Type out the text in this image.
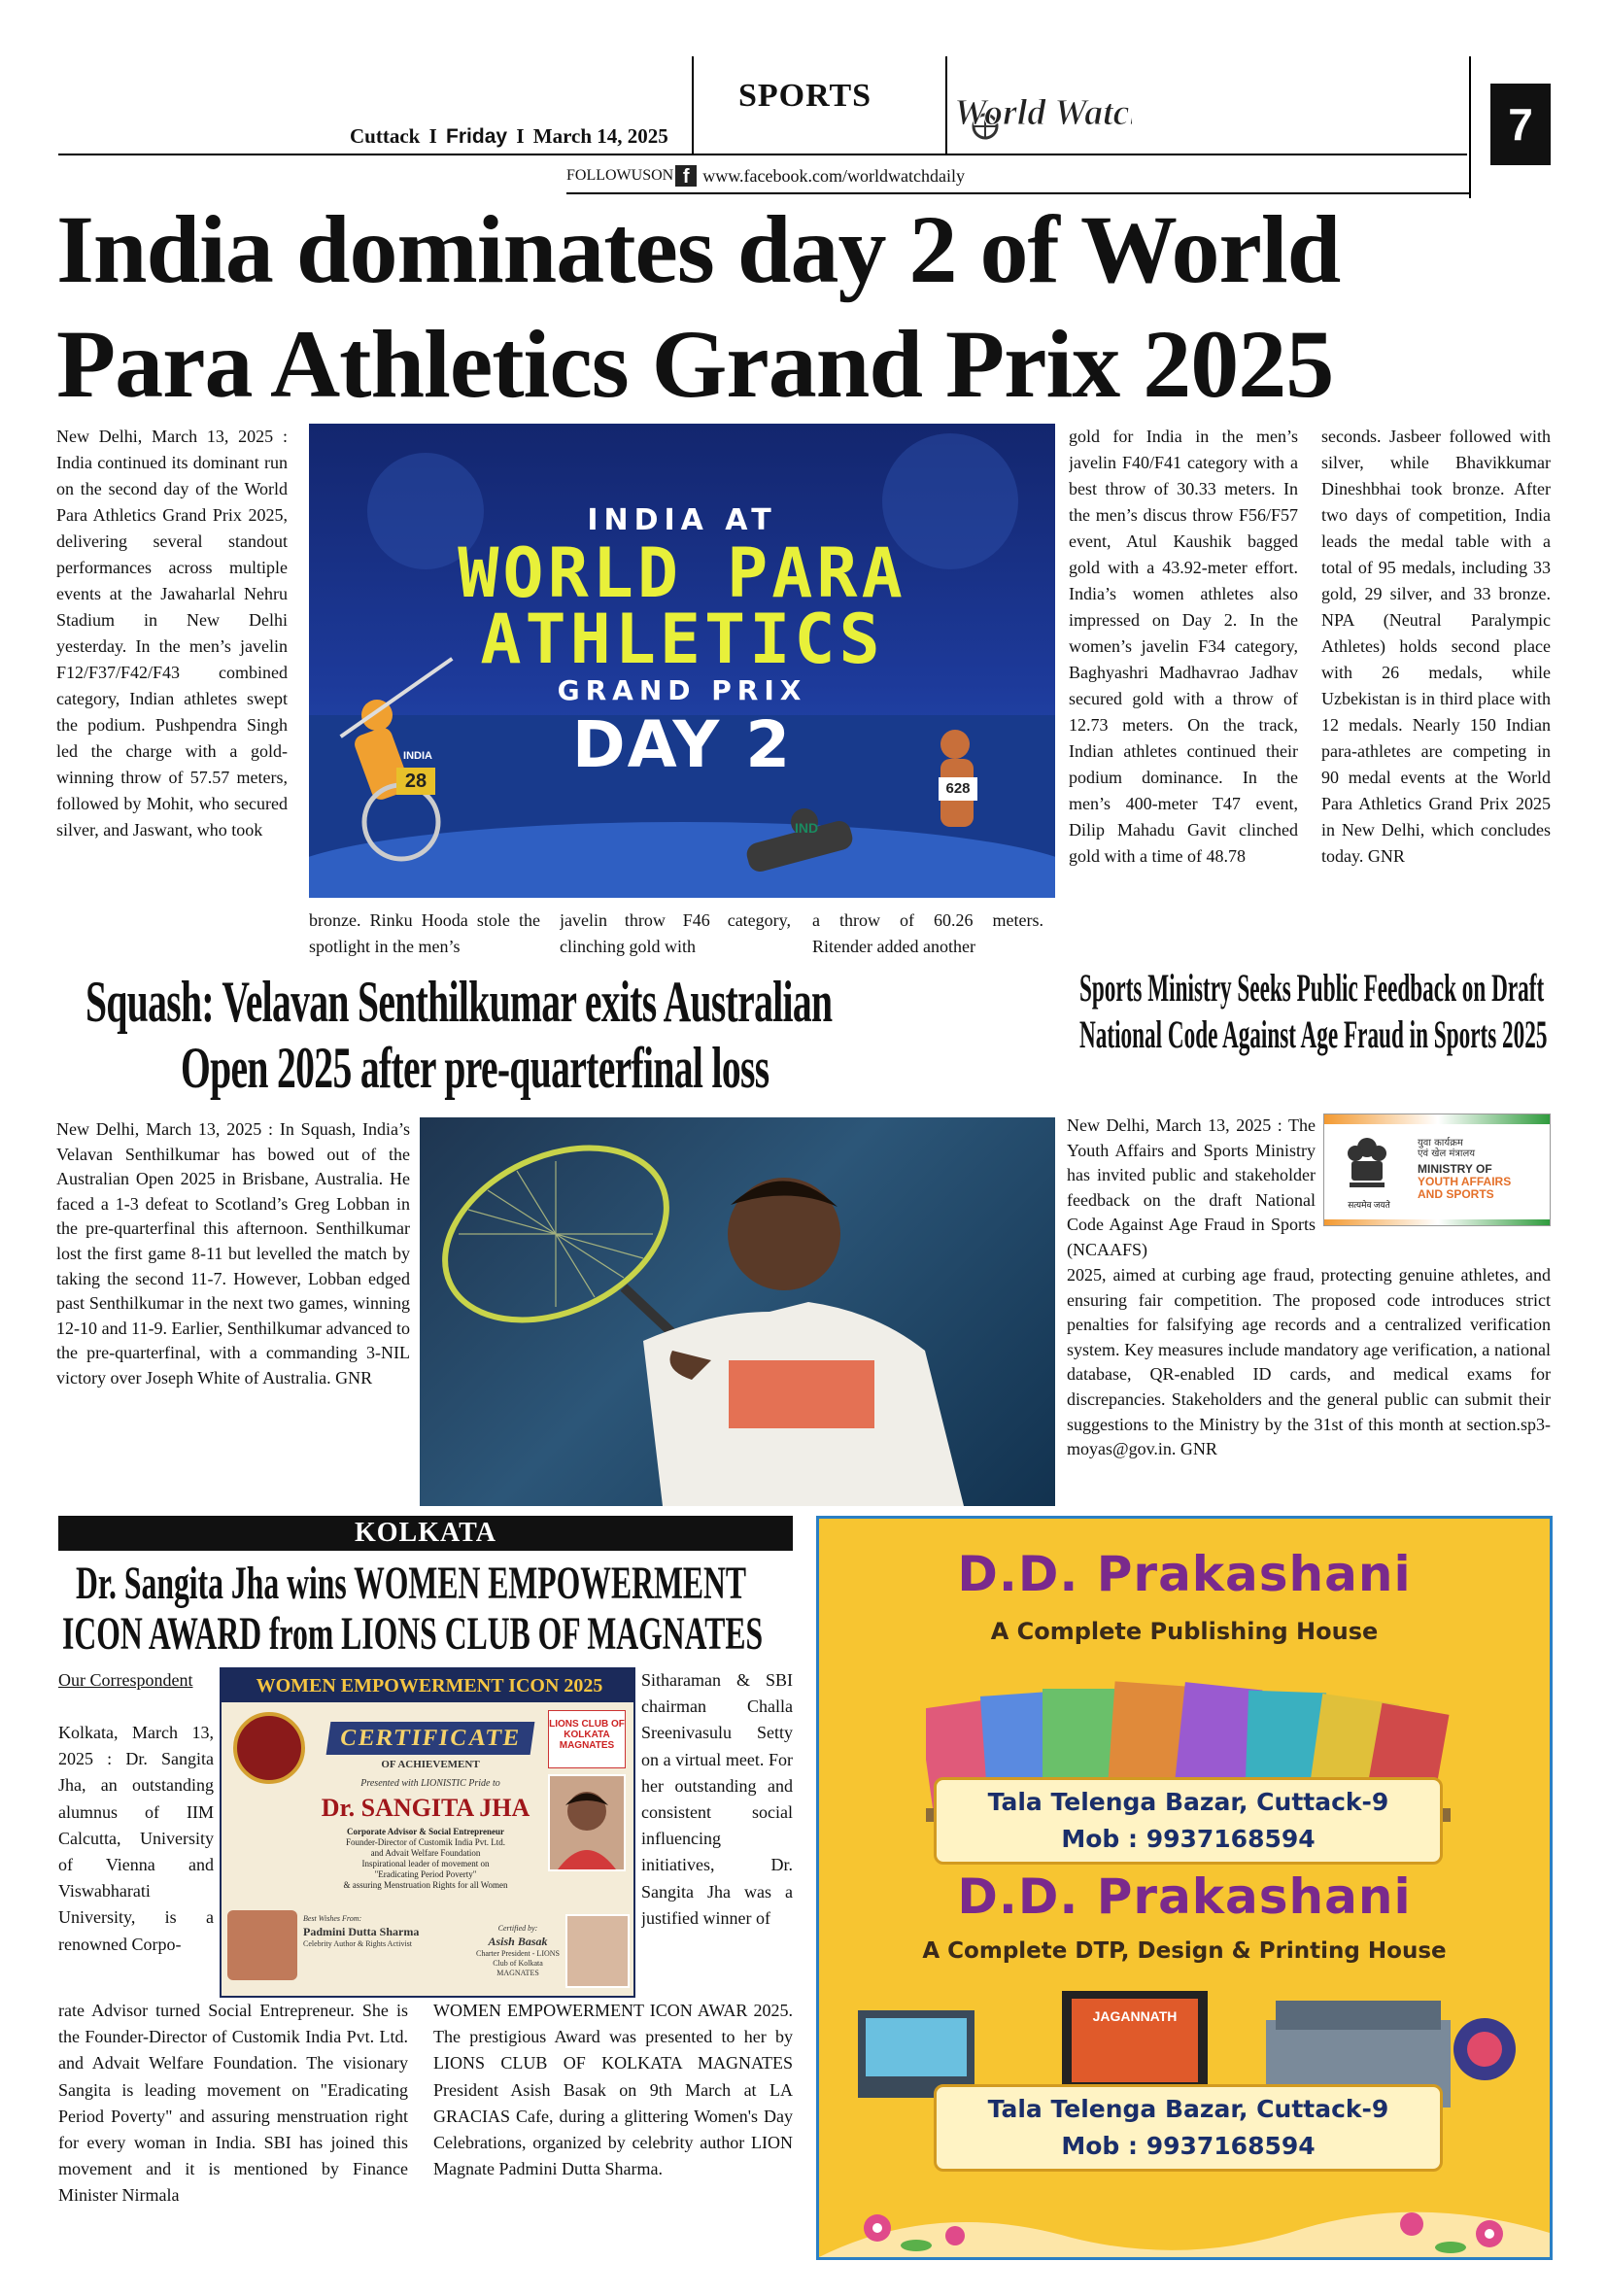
SPORTS World Watch	7
Cuttack I Friday I March 14, 2025
FOLLOWUSON f www.facebook.com/worldwatchdaily
India dominates day 2 of World
Para Athletics Grand Prix 2025
New Delhi, March 13, 2025 : India continued its dominant run on the second day of the World Para Athletics Grand Prix 2025, delivering several standout performances across multiple events at the Jawaharlal Nehru Stadium in New Delhi yesterday. In the men’s javelin F12/F37/F42/F43 combined category, Indian athletes swept the podium. Pushpendra Singh led the charge with a gold-winning throw of 57.57 meters, followed by Mohit, who secured silver, and Jaswant, who took
INDIA AT
WORLD PARA
ATHLETICS
GRAND PRIX
DAY 2
28
INDIA
628
IND
bronze. Rinku Hooda stole the spotlight in the men’s
javelin throw F46 category, clinching gold with
a throw of 60.26 meters. Ritender added another
gold for India in the men’s javelin F40/F41 category with a best throw of 30.33 meters. In the men’s discus throw F56/F57 event, Atul Kaushik bagged gold with a 43.92-meter effort. India’s women athletes also impressed on Day 2. In the women’s javelin F34 category, Baghyashri Madhavrao Jadhav secured gold with a throw of 12.73 meters. On the track, Indian athletes continued their podium dominance. In the men’s 400-meter T47 event, Dilip Mahadu Gavit clinched gold with a time of 48.78
seconds. Jasbeer followed with silver, while Bhavikkumar Dineshbhai took bronze. After two days of competition, India leads the medal table with a total of 95 medals, including 33 gold, 29 silver, and 33 bronze. NPA (Neutral Paralympic Athletes) holds second place with 26 medals, while Uzbekistan is in third place with 12 medals. Nearly 150 Indian para-athletes are competing in 90 medal events at the World Para Athletics Grand Prix 2025 in New Delhi, which concludes today. GNR
Squash: Velavan Senthilkumar exits Australian
Open 2025 after pre-quarterfinal loss
New Delhi, March 13, 2025 : In Squash, India’s Velavan Senthilkumar has bowed out of the Australian Open 2025 in Brisbane, Australia. He faced a 1-3 defeat to Scotland’s Greg Lobban in the pre-quarterfinal this afternoon. Senthilkumar lost the first game 8-11 but levelled the match by taking the second 11-7. However, Lobban edged past Senthilkumar in the next two games, winning 12-10 and 11-9. Earlier, Senthilkumar advanced to the pre-quarterfinal, with a commanding 3-NIL victory over Joseph White of Australia. GNR
Sports Ministry Seeks Public Feedback on Draft
National Code Against Age Fraud in Sports 2025
New Delhi, March 13, 2025 : The Youth Affairs and Sports Ministry has invited public and stakeholder feedback on the draft National Code Against Age Fraud in Sports (NCAAFS)
सत्यमेव जयते
युवा कार्यक्रम
एवं खेल मंत्रालय
MINISTRY OF
YOUTH AFFAIRS
AND SPORTS
2025, aimed at curbing age fraud, protecting genuine athletes, and ensuring fair competition. The proposed code introduces strict penalties for falsifying age records and a centralized verification system. Key measures include mandatory age verification, a national database, QR-enabled ID cards, and medical exams for discrepancies. Stakeholders and the general public can submit their suggestions to the Ministry by the 31st of this month at section.sp3-moyas@gov.in. GNR
KOLKATA
Dr. Sangita Jha wins WOMEN EMPOWERMENT
ICON AWARD from LIONS CLUB OF MAGNATES
Our Correspondent
Kolkata, March 13, 2025 : Dr. Sangita Jha, an outstanding alumnus of IIM Calcutta, University of Vienna and Viswabharati University, is a renowned Corpo-
Sitharaman & SBI chairman Challa Sreenivasulu Setty on a virtual meet. For her outstanding and consistent social influencing initiatives, Dr. Sangita Jha was a justified winner of
WOMEN EMPOWERMENT ICON 2025
LIONS CLUB OF KOLKATA MAGNATES
CERTIFICATE
OF ACHIEVEMENT
Presented with LIONISTIC Pride to
Dr. SANGITA JHA
Corporate Advisor & Social Entrepreneur
Founder-Director of Customik India Pvt. Ltd.
and Advait Welfare Foundation
Inspirational leader of movement on
"Eradicating Period Poverty"
& assuring Menstruation Rights for all Women
Best Wishes From:
Padmini Dutta Sharma
Celebrity Author & Rights Activist
Certified by:
Asish Basak
Charter President - LIONS Club of Kolkata MAGNATES
rate Advisor turned Social Entrepreneur. She is the Founder-Director of Customik India Pvt. Ltd. and Advait Welfare Foundation. The visionary Sangita is leading movement on "Eradicating Period Poverty" and assuring menstruation right for every woman in India. SBI has joined this movement and it is mentioned by Finance Minister Nirmala
WOMEN EMPOWERMENT ICON AWAR 2025. The prestigious Award was presented to her by LIONS CLUB OF KOLKATA MAGNATES President Asish Basak on 9th March at LA GRACIAS Cafe, during a glittering Women's Day Celebrations, organized by celebrity author LION Magnate Padmini Dutta Sharma.
D.D. Prakashani
A Complete Publishing House
Tala Telenga Bazar, Cuttack-9
Mob : 9937168594
D.D. Prakashani
A Complete DTP, Design & Printing House
JAGANNATH
Tala Telenga Bazar, Cuttack-9
Mob : 9937168594
